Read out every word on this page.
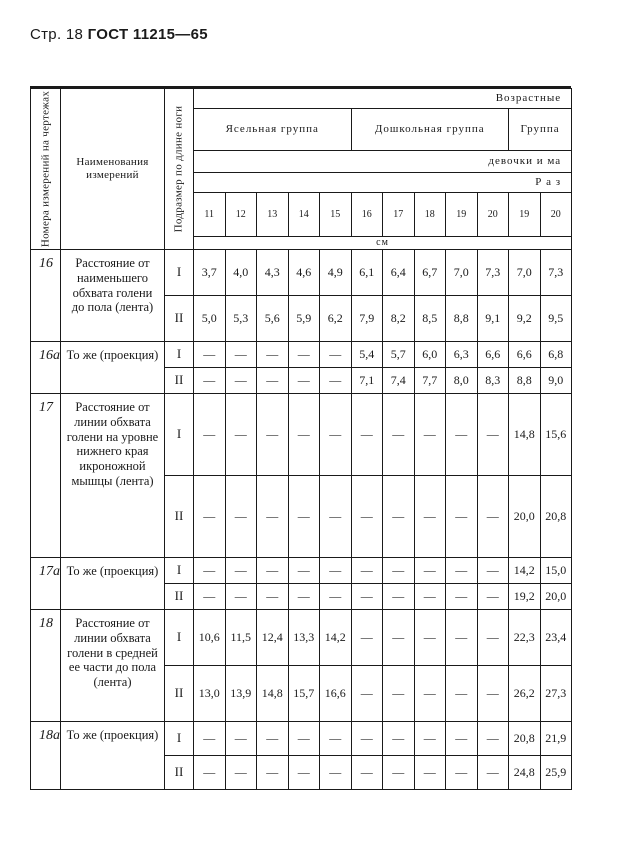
Стр. 18 ГОСТ 11215—65
Номера измерений на чертежах	Наименования измерений	Подразмер по длине ноги	Возрастные											
			Ясельная группа					Дошкольная группа					Группа	
			девочки и ма											
			Р а з											
			11	12	13	14	15	16	17	18	19	20	19	20
			см											
16	Расстояние от наименьшего обхвата голени до пола (лента)	I	3,7	4,0	4,3	4,6	4,9	6,1	6,4	6,7	7,0	7,3	7,0	7,3
		II	5,0	5,3	5,6	5,9	6,2	7,9	8,2	8,5	8,8	9,1	9,2	9,5
16а	То же (проекция)	I	—	—	—	—	—	5,4	5,7	6,0	6,3	6,6	6,6	6,8
		II	—	—	—	—	—	7,1	7,4	7,7	8,0	8,3	8,8	9,0
17	Расстояние от линии обхвата голени на уровне нижнего края икроножной мышцы (лента)	I	—	—	—	—	—	—	—	—	—	—	14,8	15,6
		II	—	—	—	—	—	—	—	—	—	—	20,0	20,8
17а	То же (проекция)	I	—	—	—	—	—	—	—	—	—	—	14,2	15,0
		II	—	—	—	—	—	—	—	—	—	—	19,2	20,0
18	Расстояние от линии обхвата голени в средней ее части до пола (лента)	I	10,6	11,5	12,4	13,3	14,2	—	—	—	—	—	22,3	23,4
		II	13,0	13,9	14,8	15,7	16,6	—	—	—	—	—	26,2	27,3
18а	То же (проекция)	I	—	—	—	—	—	—	—	—	—	—	20,8	21,9
		II	—	—	—	—	—	—	—	—	—	—	24,8	25,9
